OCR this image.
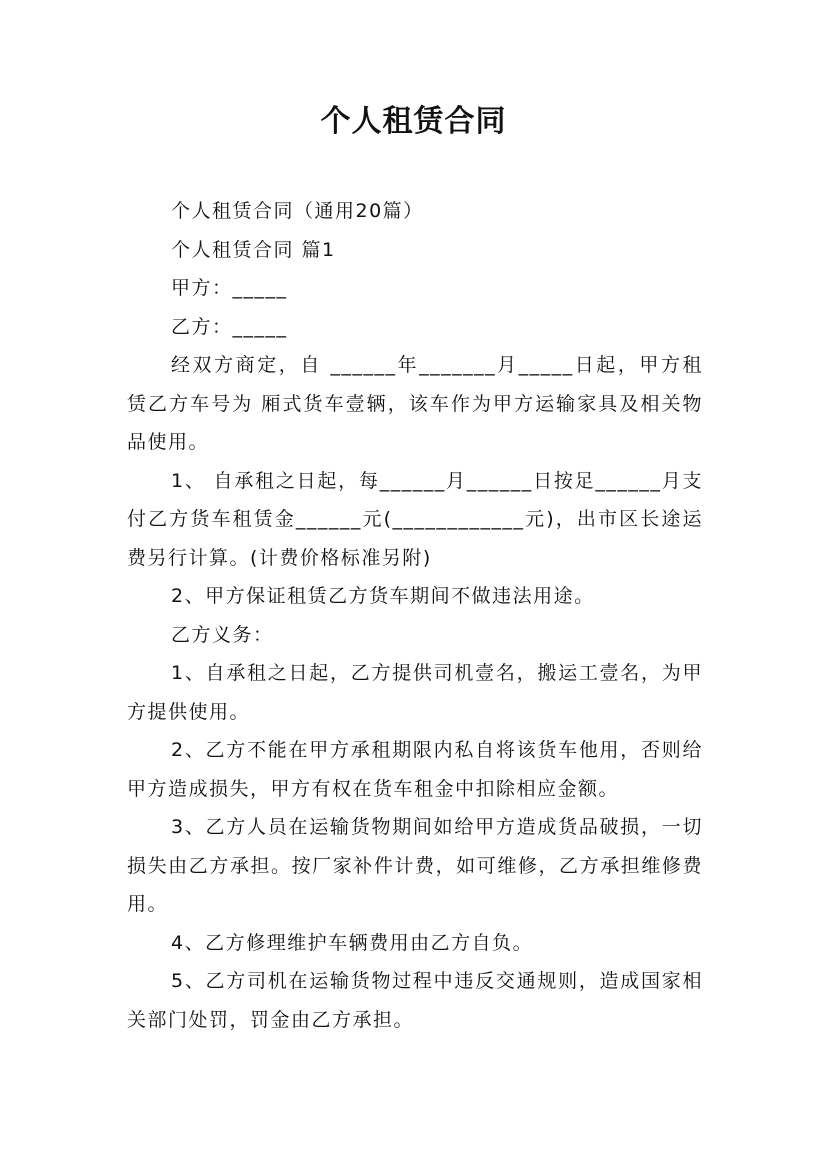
个人租赁合同

个人租赁合同（通用20篇）

个人租赁合同 篇1

甲方：_____

乙方：_____

经双方商定，自 ______年_______月_____日起，甲方租赁乙方车号为 厢式货车壹辆，该车作为甲方运输家具及相关物品使用。

1、 自承租之日起，每______月______日按足______月支付乙方货车租赁金______元(____________元)，出市区长途运费另行计算。(计费价格标准另附)

2、甲方保证租赁乙方货车期间不做违法用途。

乙方义务：

1、自承租之日起，乙方提供司机壹名，搬运工壹名，为甲方提供使用。

2、乙方不能在甲方承租期限内私自将该货车他用，否则给甲方造成损失，甲方有权在货车租金中扣除相应金额。

3、乙方人员在运输货物期间如给甲方造成货品破损，一切损失由乙方承担。按厂家补件计费，如可维修，乙方承担维修费用。

4、乙方修理维护车辆费用由乙方自负。

5、乙方司机在运输货物过程中违反交通规则，造成国家相关部门处罚，罚金由乙方承担。
